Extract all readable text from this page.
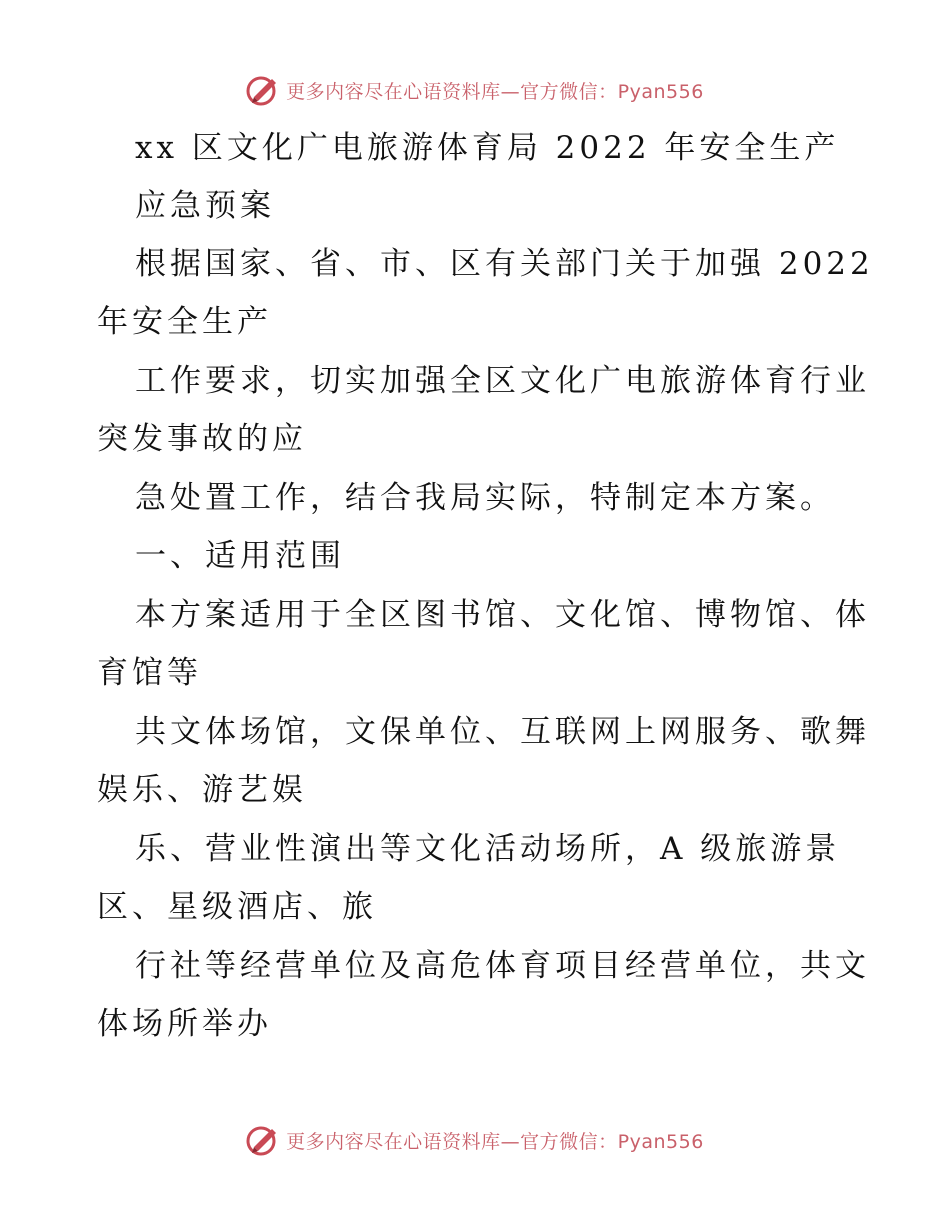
更多内容尽在心语资料库—官方微信：Pyan556
xx 区文化广电旅游体育局 2022 年安全生产
应急预案
根据国家、省、市、区有关部门关于加强 2022
年安全生产
工作要求，切实加强全区文化广电旅游体育行业
突发事故的应
急处置工作，结合我局实际，特制定本方案。
一、适用范围
本方案适用于全区图书馆、文化馆、博物馆、体
育馆等
共文体场馆，文保单位、互联网上网服务、歌舞
娱乐、游艺娱
乐、营业性演出等文化活动场所，A 级旅游景
区、星级酒店、旅
行社等经营单位及高危体育项目经营单位，共文
体场所举办
更多内容尽在心语资料库—官方微信：Pyan556
